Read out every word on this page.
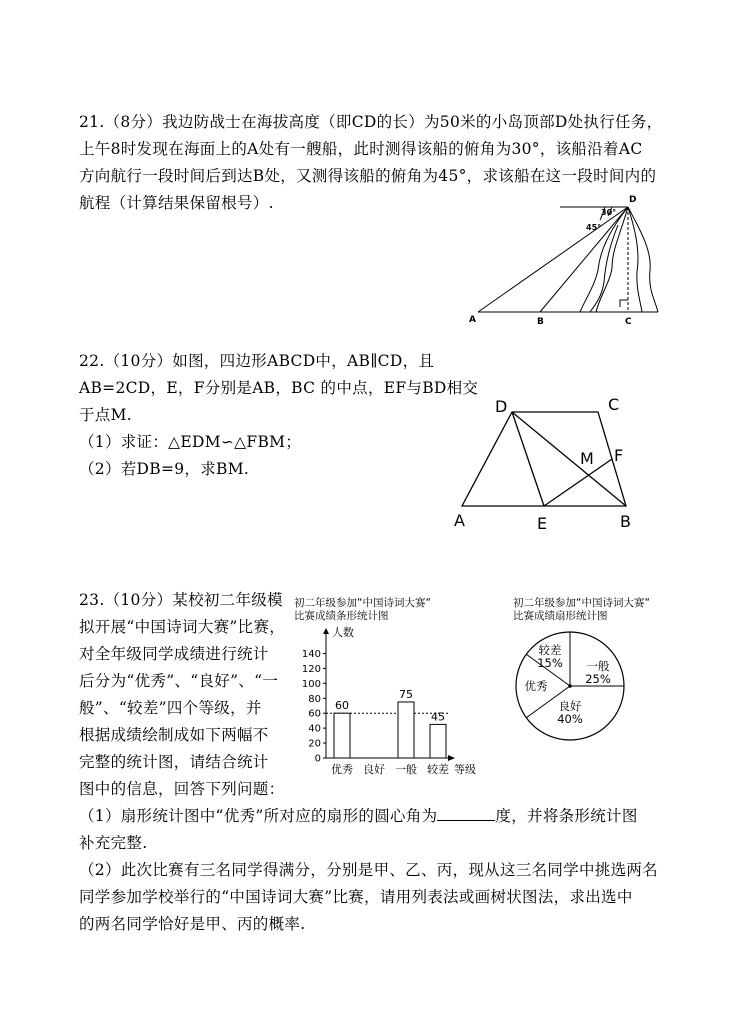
21.（8分）我边防战士在海拔高度（即CD的长）为50米的小岛顶部D处执行任务，
上午8时发现在海面上的A处有一艘船，此时测得该船的俯角为30°，该船沿着AC
方向航行一段时间后到达B处，又测得该船的俯角为45°，求该船在这一段时间内的
航程（计算结果保留根号）.	D
A	B	C
30°
45°
22.（10分）如图，四边形ABCD中，AB∥CD，且
AB=2CD，E，F分别是AB，BC 的中点，EF与BD相交
于点M.
（1）求证：△EDM∽△FBM；
（2）若DB=9，求BM.
D	C
A	E	B
M F
23.（10分）某校初二年级模
拟开展“中国诗词大赛”比赛，
对全年级同学成绩进行统计
后分为“优秀”、“良好”、“一
般”、“较差”四个等级，并
根据成绩绘制成如下两幅不
完整的统计图，请结合统计
图中的信息，回答下列问题：
（1）扇形统计图中“优秀”所对应的扇形的圆心角为	度，并将条形统计图
补充完整.
（2）此次比赛有三名同学得满分，分别是甲、乙、丙，现从这三名同学中挑选两名
同学参加学校举行的“中国诗词大赛”比赛，请用列表法或画树状图法，求出选中
的两名同学恰好是甲、丙的概率.
初二年级参加“中国诗词大赛“
比赛成绩条形统计图
人数
等级
0
20
40
60
80
100
120
140
60
优秀 良好
75
一般
45
较差
初二年级参加“中国诗词大赛“
比赛成绩扇形统计图
较差
15% 一般
25%
良好
40%
优秀
